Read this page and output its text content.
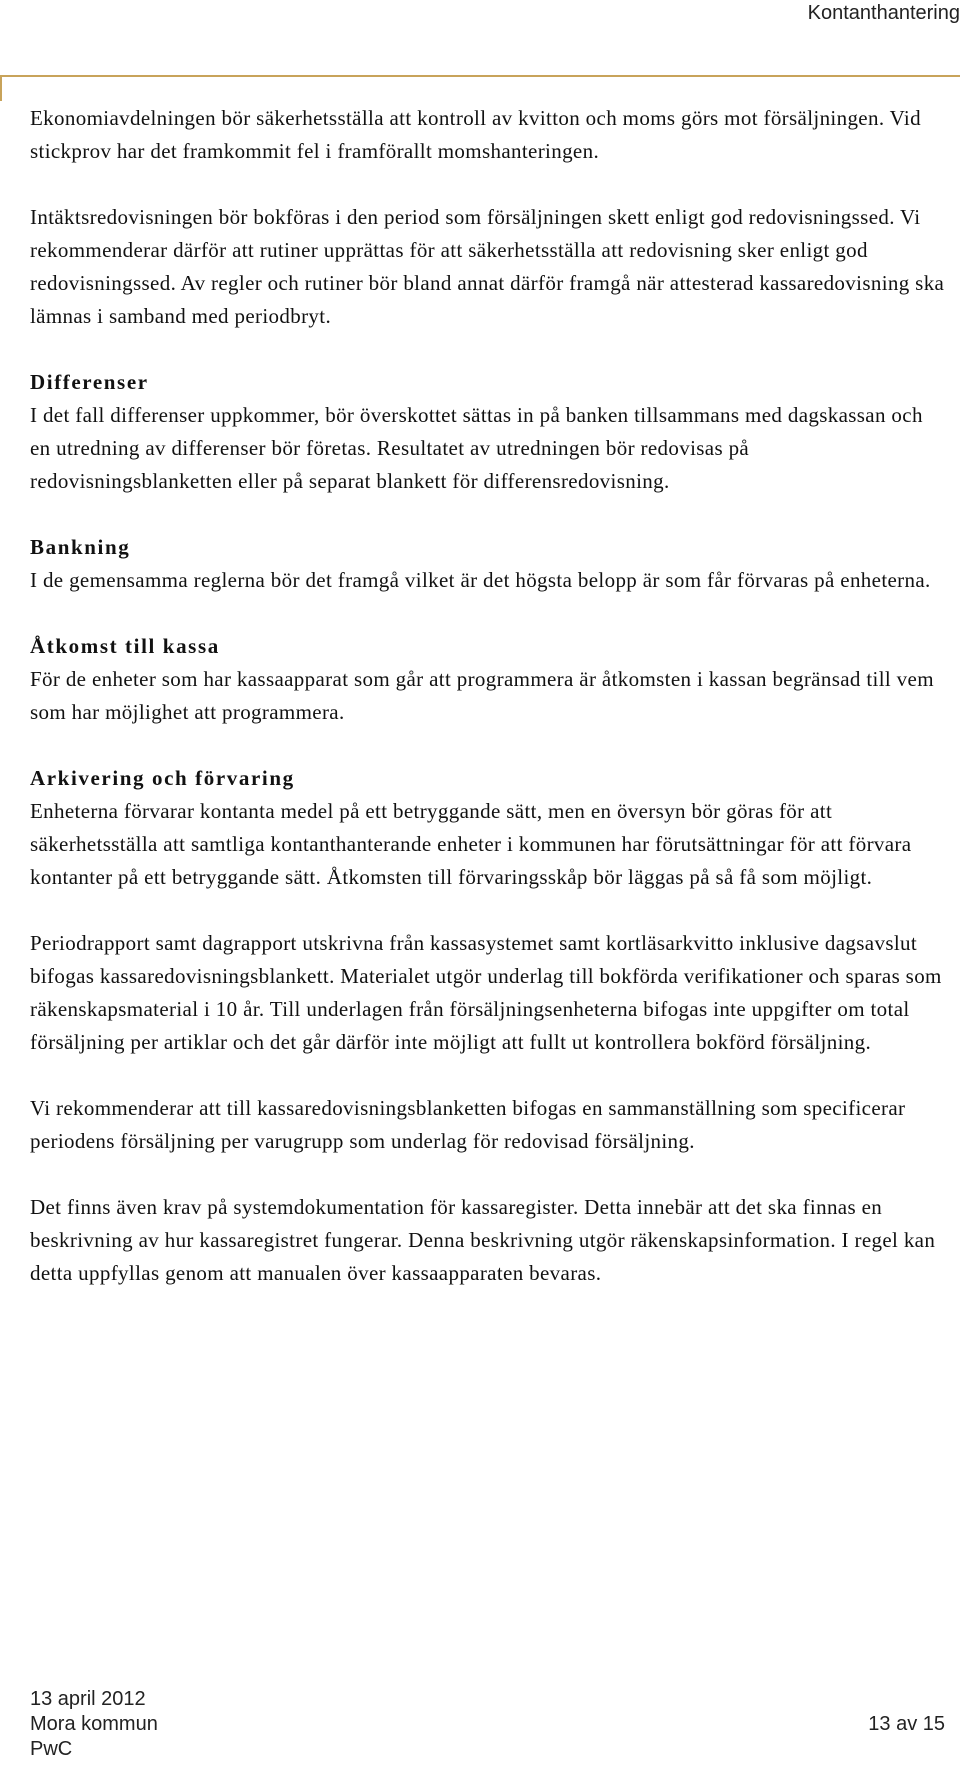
Kontanthantering

Ekonomiavdelningen bör säkerhetsställa att kontroll av kvitton och moms görs mot försäljningen. Vid stickprov har det framkommit fel i framförallt momshanteringen.

Intäktsredovisningen bör bokföras i den period som försäljningen skett enligt god redovisningssed. Vi rekommenderar därför att rutiner upprättas för att säkerhetsställa att redovisning sker enligt god redovisningssed. Av regler och rutiner bör bland annat därför framgå när attesterad kassaredovisning ska lämnas i samband med periodbryt.

Differenser

I det fall differenser uppkommer, bör överskottet sättas in på banken tillsammans med dagskassan och en utredning av differenser bör företas. Resultatet av utredningen bör redovisas på redovisningsblanketten eller på separat blankett för differensredovisning.

Bankning

I de gemensamma reglerna bör det framgå vilket är det högsta belopp är som får förvaras på enheterna.

Åtkomst till kassa

För de enheter som har kassaapparat som går att programmera är åtkomsten i kassan begränsad till vem som har möjlighet att programmera.

Arkivering och förvaring

Enheterna förvarar kontanta medel på ett betryggande sätt, men en översyn bör göras för att säkerhetsställa att samtliga kontanthanterande enheter i kommunen har förutsättningar för att förvara kontanter på ett betryggande sätt. Åtkomsten till förvaringsskåp bör läggas på så få som möjligt.

Periodrapport samt dagrapport utskrivna från kassasystemet samt kortläsarkvitto inklusive dagsavslut bifogas kassaredovisningsblankett. Materialet utgör underlag till bokförda verifikationer och sparas som räkenskapsmaterial i 10 år. Till underlagen från försäljningsenheterna bifogas inte uppgifter om total försäljning per artiklar och det går därför inte möjligt att fullt ut kontrollera bokförd försäljning.

Vi rekommenderar att till kassaredovisningsblanketten bifogas en sammanställning som specificerar periodens försäljning per varugrupp som underlag för redovisad försäljning.

Det finns även krav på systemdokumentation för kassaregister. Detta innebär att det ska finnas en beskrivning av hur kassaregistret fungerar. Denna beskrivning utgör räkenskapsinformation. I regel kan detta uppfyllas genom att manualen över kassaapparaten bevaras.

13 april 2012
Mora kommun	13 av 15
PwC
